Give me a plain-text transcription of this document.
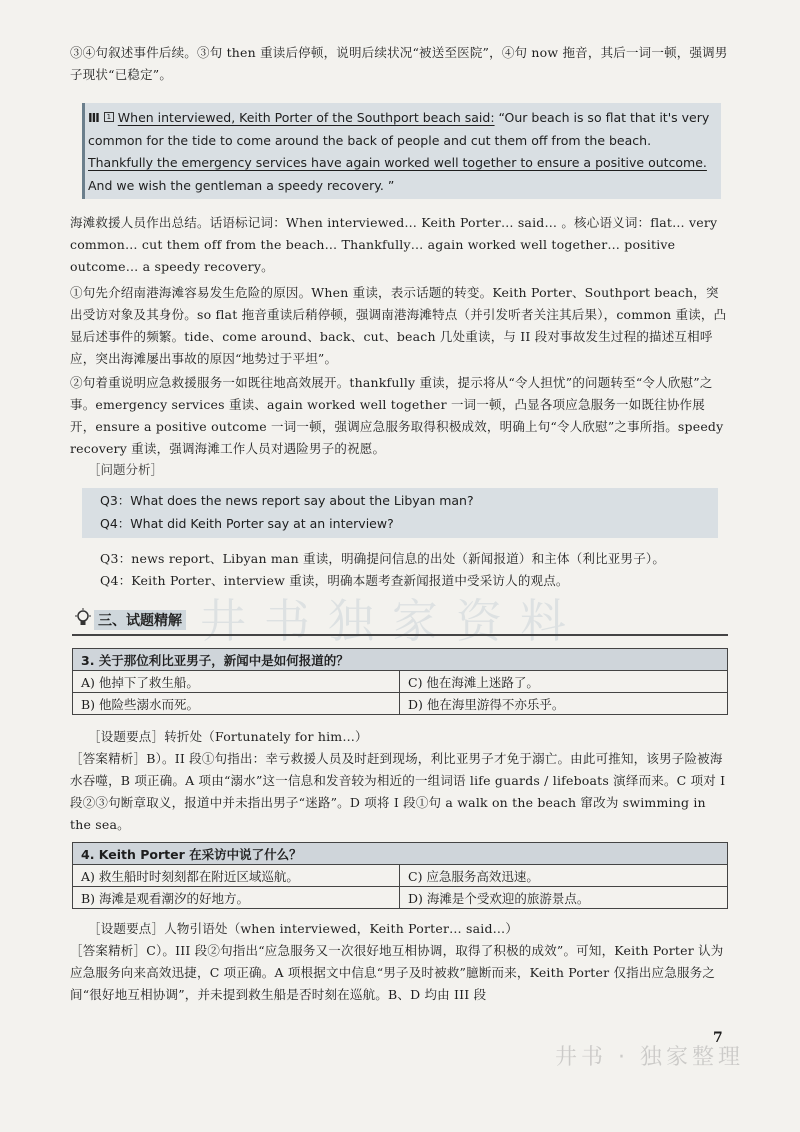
③④句叙述事件后续。③句 then 重读后停顿，说明后续状况“被送至医院”，④句 now 拖音，其后一词一顿，强调男子现状“已稳定”。
Ⅲ 1 When interviewed, Keith Porter of the Southport beach said: “Our beach is so flat that it's very common for the tide to come around the back of people and cut them off from the beach. Thankfully the emergency services have again worked well together to ensure a positive outcome. And we wish the gentleman a speedy recovery. ”
海滩救援人员作出总结。话语标记词：When interviewed… Keith Porter… said… 。核心语义词：flat… very common… cut them off from the beach… Thankfully… again worked well together… positive outcome… a speedy recovery。
①句先介绍南港海滩容易发生危险的原因。When 重读，表示话题的转变。Keith Porter、Southport beach，突出受访对象及其身份。so flat 拖音重读后稍停顿，强调南港海滩特点（并引发听者关注其后果），common 重读，凸显后述事件的频繁。tide、come around、back、cut、beach 几处重读，与 II 段对事故发生过程的描述互相呼应，突出海滩屡出事故的原因“地势过于平坦”。
②句着重说明应急救援服务一如既往地高效展开。thankfully 重读，提示将从“令人担忧”的问题转至“令人欣慰”之事。emergency services 重读、again worked well together 一词一顿，凸显各项应急服务一如既往协作展开，ensure a positive outcome 一词一顿，强调应急服务取得积极成效，明确上句“令人欣慰”之事所指。speedy recovery 重读，强调海滩工作人员对遇险男子的祝愿。
［问题分析］
Q3：What does the news report say about the Libyan man?
Q4：What did Keith Porter say at an interview?
Q3：news report、Libyan man 重读，明确提问信息的出处（新闻报道）和主体（利比亚男子）。
Q4：Keith Porter、interview 重读，明确本题考查新闻报道中受采访人的观点。
井书独家资料
三、试题精解
3. 关于那位利比亚男子，新闻中是如何报道的？	
A) 他掉下了救生船。	C) 他在海滩上迷路了。
B) 他险些溺水而死。	D) 他在海里游得不亦乐乎。
［设题要点］转折处（Fortunately for him…）
［答案精析］B）。II 段①句指出：幸亏救援人员及时赶到现场，利比亚男子才免于溺亡。由此可推知，该男子险被海水吞噬，B 项正确。A 项由“溺水”这一信息和发音较为相近的一组词语 life guards / lifeboats 演绎而来。C 项对 I 段②③句断章取义，报道中并未指出男子“迷路”。D 项将 I 段①句 a walk on the beach 窜改为 swimming in the sea。
4. Keith Porter 在采访中说了什么？	
A) 救生船时时刻刻都在附近区域巡航。	C) 应急服务高效迅速。
B) 海滩是观看潮汐的好地方。	D) 海滩是个受欢迎的旅游景点。
［设题要点］人物引语处（when interviewed，Keith Porter… said…）
［答案精析］C）。III 段②句指出“应急服务又一次很好地互相协调，取得了积极的成效”。可知，Keith Porter 认为应急服务向来高效迅捷，C 项正确。A 项根据文中信息“男子及时被救”臆断而来，Keith Porter 仅指出应急服务之间“很好地互相协调”，并未提到救生船是否时刻在巡航。B、D 均由 III 段
井书 · 独家整理
7
